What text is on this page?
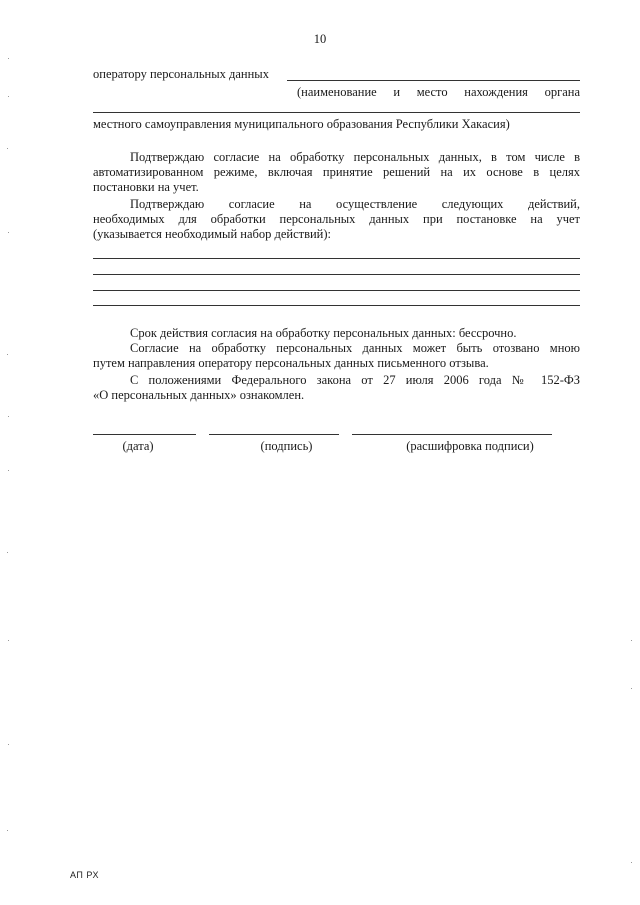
10
оператору персональных данных
(наименование и место нахождения органа
местного самоуправления муниципального образования Республики Хакасия)
Подтверждаю согласие на обработку персональных данных, в том числе в
автоматизированном режиме, включая принятие решений на их основе в целях
постановки на учет.
Подтверждаю согласие на осуществление следующих действий,
необходимых для обработки персональных данных при постановке на учет
(указывается необходимый набор действий):
Срок действия согласия на обработку персональных данных: бессрочно.
Согласие на обработку персональных данных может быть отозвано мною
путем направления оператору персональных данных письменного отзыва.
С положениями Федерального закона от 27 июля 2006 года № 152-ФЗ
«О персональных данных» ознакомлен.
(дата)	(подпись)	(расшифровка подписи)
АП РХ
